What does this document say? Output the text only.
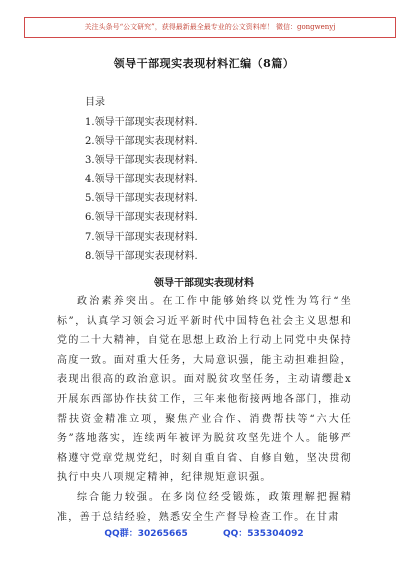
关注头条号“公文研究”，获得最新最全最专业的公文资料库！ 微信：gongwenyj
领导干部现实表现材料汇编（8篇）
目录
1.领导干部现实表现材料.
2.领导干部现实表现材料.
3.领导干部现实表现材料.
4.领导干部现实表现材料.
5.领导干部现实表现材料.
6.领导干部现实表现材料.
7.领导干部现实表现材料.
8.领导干部现实表现材料.
领导干部现实表现材料

政治素养突出。在工作中能够始终以党性为笃行“坐标”，认真学习领会习近平新时代中国特色社会主义思想和党的二十大精神，自觉在思想上政治上行动上同党中央保持高度一致。面对重大任务，大局意识强，能主动担难担险，表现出很高的政治意识。面对脱贫攻坚任务，主动请缨赴x开展东西部协作扶贫工作，三年来他衔接两地各部门，推动帮扶资金精准立项，聚焦产业合作、消费帮扶等“六大任务”落地落实，连续两年被评为脱贫攻坚先进个人。能够严格遵守党章党规党纪，时刻自重自省、自修自勉，坚决贯彻执行中央八项规定精神，纪律规矩意识强。

综合能力较强。在多岗位经受锻炼，政策理解把握精准，善于总结经验，熟悉安全生产督导检查工作。在甘肃

QQ群：30265665	QQ：535304092
